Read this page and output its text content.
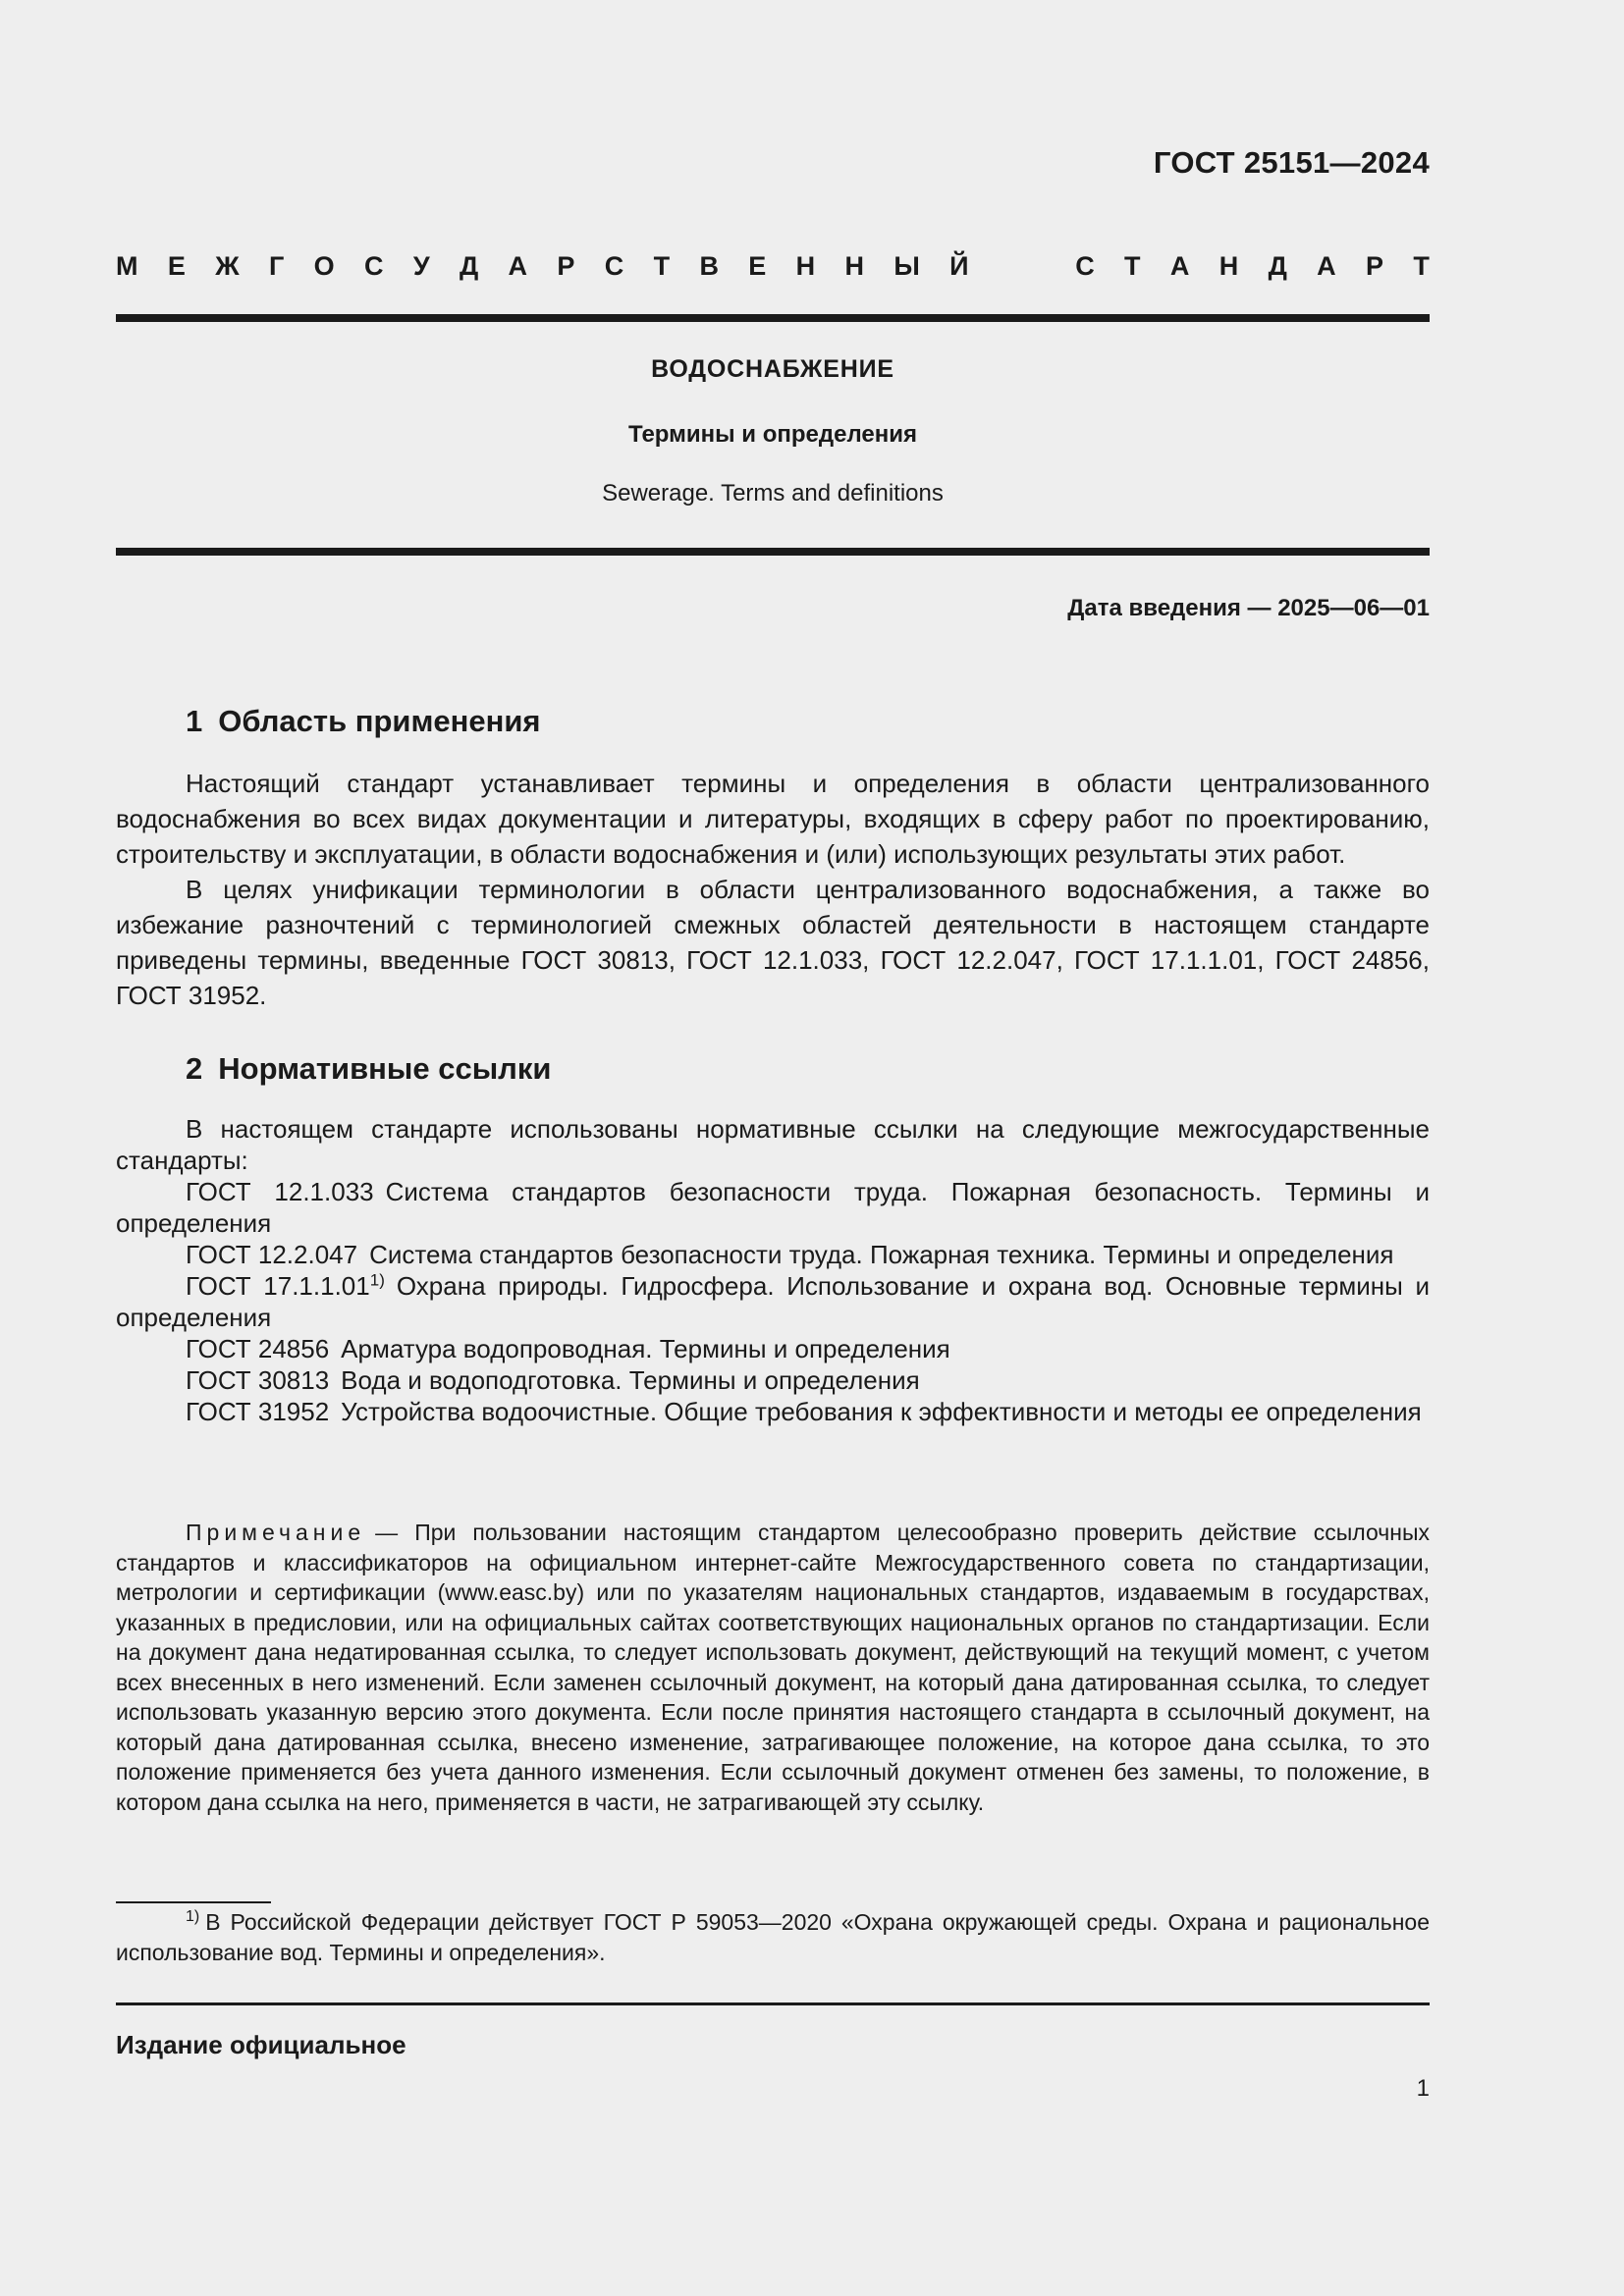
ГОСТ 25151—2024
М Е Ж Г О С У Д А Р С Т В Е Н Н Ы Й	С Т А Н Д А Р Т
ВОДОСНАБЖЕНИЕ
Термины и определения
Sewerage. Terms and definitions
Дата введения — 2025—06—01
1 Область применения

Настоящий стандарт устанавливает термины и определения в области централизованного водоснабжения во всех видах документации и литературы, входящих в сферу работ по проектированию, строительству и эксплуатации, в области водоснабжения и (или) использующих результаты этих работ.

В целях унификации терминологии в области централизованного водоснабжения, а также во избежание разночтений с терминологией смежных областей деятельности в настоящем стандарте приведены термины, введенные ГОСТ 30813, ГОСТ 12.1.033, ГОСТ 12.2.047, ГОСТ 17.1.1.01, ГОСТ 24856, ГОСТ 31952.

2 Нормативные ссылки

В настоящем стандарте использованы нормативные ссылки на следующие межгосударственные стандарты:

ГОСТ 12.1.033 Система стандартов безопасности труда. Пожарная безопасность. Термины и определения

ГОСТ 12.2.047 Система стандартов безопасности труда. Пожарная техника. Термины и определения

ГОСТ 17.1.1.01$^{1)}$ Охрана природы. Гидросфера. Использование и охрана вод. Основные термины и определения

ГОСТ 24856 Арматура водопроводная. Термины и определения

ГОСТ 30813 Вода и водоподготовка. Термины и определения

ГОСТ 31952 Устройства водоочистные. Общие требования к эффективности и методы ее определения

Примечание — При пользовании настоящим стандартом целесообразно проверить действие ссылочных стандартов и классификаторов на официальном интернет-сайте Межгосударственного совета по стандартизации, метрологии и сертификации (www.easc.by) или по указателям национальных стандартов, издаваемым в государствах, указанных в предисловии, или на официальных сайтах соответствующих национальных органов по стандартизации. Если на документ дана недатированная ссылка, то следует использовать документ, действующий на текущий момент, с учетом всех внесенных в него изменений. Если заменен ссылочный документ, на который дана датированная ссылка, то следует использовать указанную версию этого документа. Если после принятия настоящего стандарта в ссылочный документ, на который дана датированная ссылка, внесено изменение, затрагивающее положение, на которое дана ссылка, то это положение применяется без учета данного изменения. Если ссылочный документ отменен без замены, то положение, в котором дана ссылка на него, применяется в части, не затрагивающей эту ссылку.

$^{1)}$ В Российской Федерации действует ГОСТ Р 59053—2020 «Охрана окружающей среды. Охрана и рациональное использование вод. Термины и определения».

Издание официальное
1
